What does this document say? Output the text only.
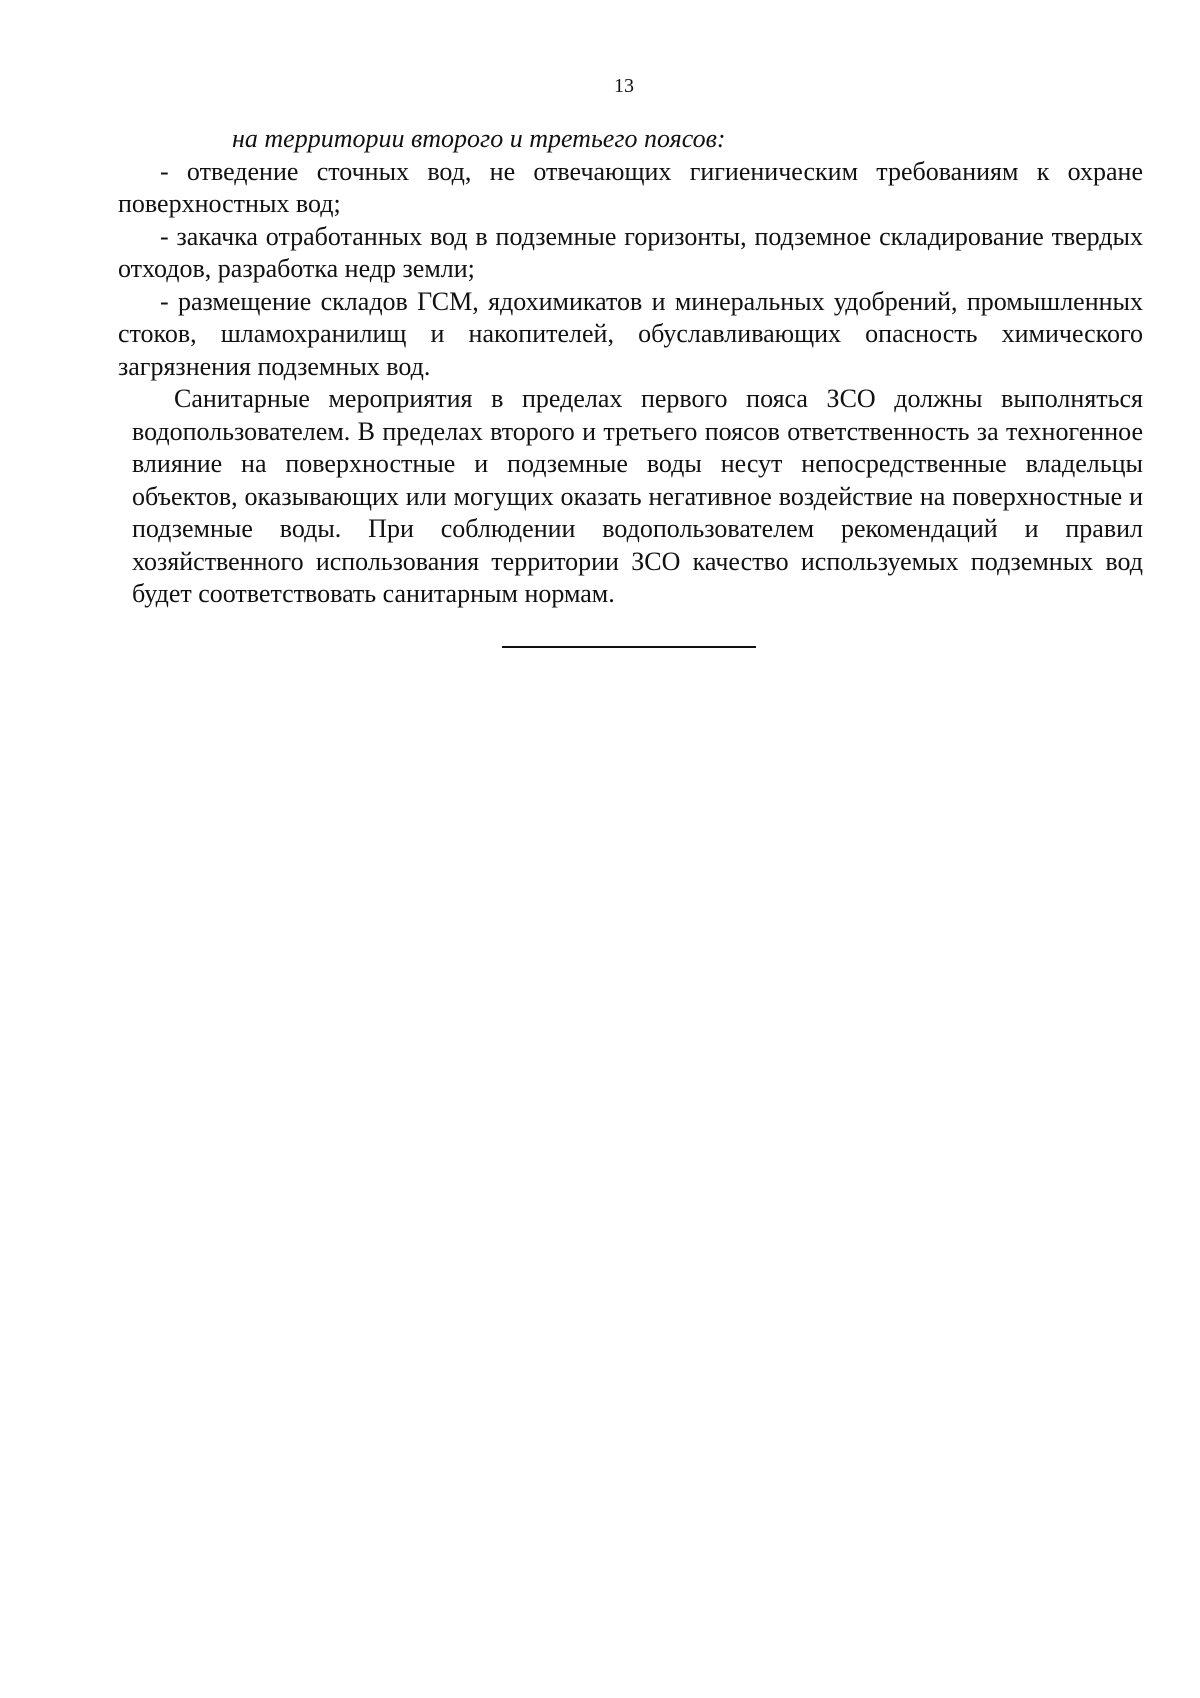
13

на территории второго и третьего поясов:

- отведение сточных вод, не отвечающих гигиеническим требованиям к охране поверхностных вод;

- закачка отработанных вод в подземные горизонты, подземное складирование твердых отходов, разработка недр земли;

- размещение складов ГСМ, ядохимикатов и минеральных удобрений, промышленных стоков, шламохранилищ и накопителей, обуславливающих опасность химического загрязнения подземных вод.

Санитарные мероприятия в пределах первого пояса ЗСО должны выполняться водопользователем. В пределах второго и третьего поясов ответственность за техногенное влияние на поверхностные и подземные воды несут непосредственные владельцы объектов, оказывающих или могущих оказать негативное воздействие на поверхностные и подземные воды. При соблюдении водопользователем рекомендаций и правил хозяйственного использования территории ЗСО качество используемых подземных вод будет соответствовать санитарным нормам.
